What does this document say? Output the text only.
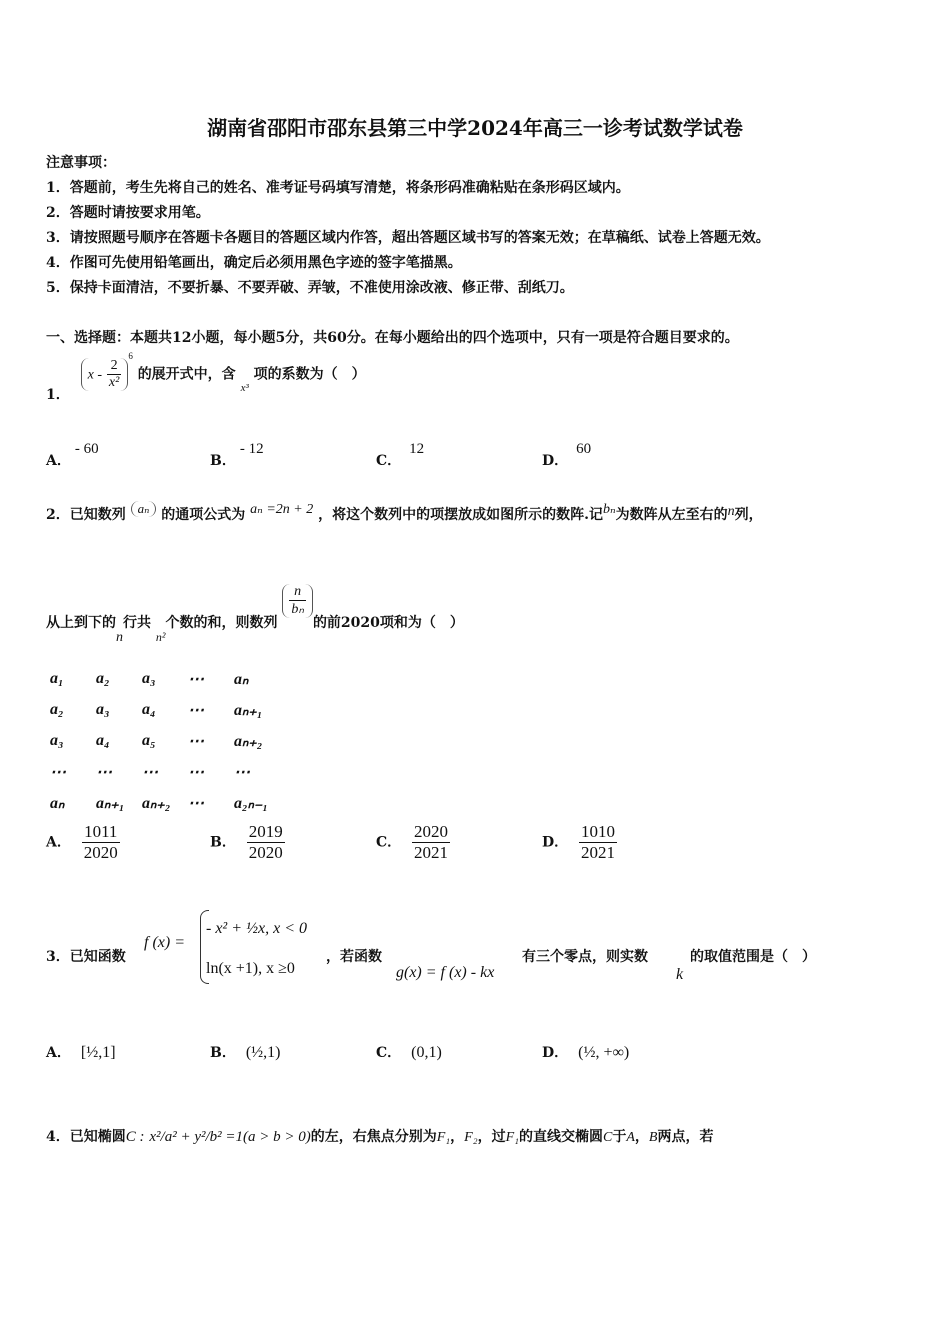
湖南省邵阳市邵东县第三中学2024年高三一诊考试数学试卷
注意事项：
1．答题前，考生先将自己的姓名、准考证号码填写清楚，将条形码准确粘贴在条形码区域内。
2．答题时请按要求用笔。
3．请按照题号顺序在答题卡各题目的答题区域内作答，超出答题区域书写的答案无效；在草稿纸、试卷上答题无效。
4．作图可先使用铅笔画出，确定后必须用黑色字迹的签字笔描黑。
5．保持卡面清洁，不要折暴、不要弄破、弄皱，不准使用涂改液、修正带、刮纸刀。
一、选择题：本题共12小题，每小题5分，共60分。在每小题给出的四个选项中，只有一项是符合题目要求的。
1． x - $\frac{2}{\text{x²}}$
$^6$ 的展开式中，含 $_{x^3}$ 项的系数为（　）
A．- 60
B．- 12
C．12
D．60
2．已知数列 aₙ 的通项公式为 aₙ =2n + 2 ，将这个数列中的项摆放成如图所示的数阵.记bₙ为数阵从左至右的n列，
从上到下的n行共 n²个数的和，则数列
$\frac{n}{\text{bₙ}}$
的前2020项和为（　）
a₁	a₂	a₃	⋯	aₙ
a₂	a₃	a₄	⋯	aₙ₊₁
a₃	a₄	a₅	⋯	aₙ₊₂
⋯	⋯	⋯	⋯	⋯
aₙ	aₙ₊₁	aₙ₊₂	⋯	a₂ₙ₋₁
A． $\frac{1011}{2020}$	B． $\frac{2019}{2020}$	C． $\frac{2020}{2021}$	D． $\frac{1010}{2021}$
3．已知函数
f (x) =
- x² + ½x, x < 0
ln(x +1), x ≥0
，若函数
g(x) = f (x) - kx
有三个零点，则实数
k
的取值范围是（　）
A． [½,1]	B． (½,1)	C． (0,1)	D． (½, +∞)
4．已知椭圆C : x²/a² + y²/b² =1(a > b > 0)的左，右焦点分别为F₁，F₂，过F₁的直线交椭圆C于A，B两点，若
